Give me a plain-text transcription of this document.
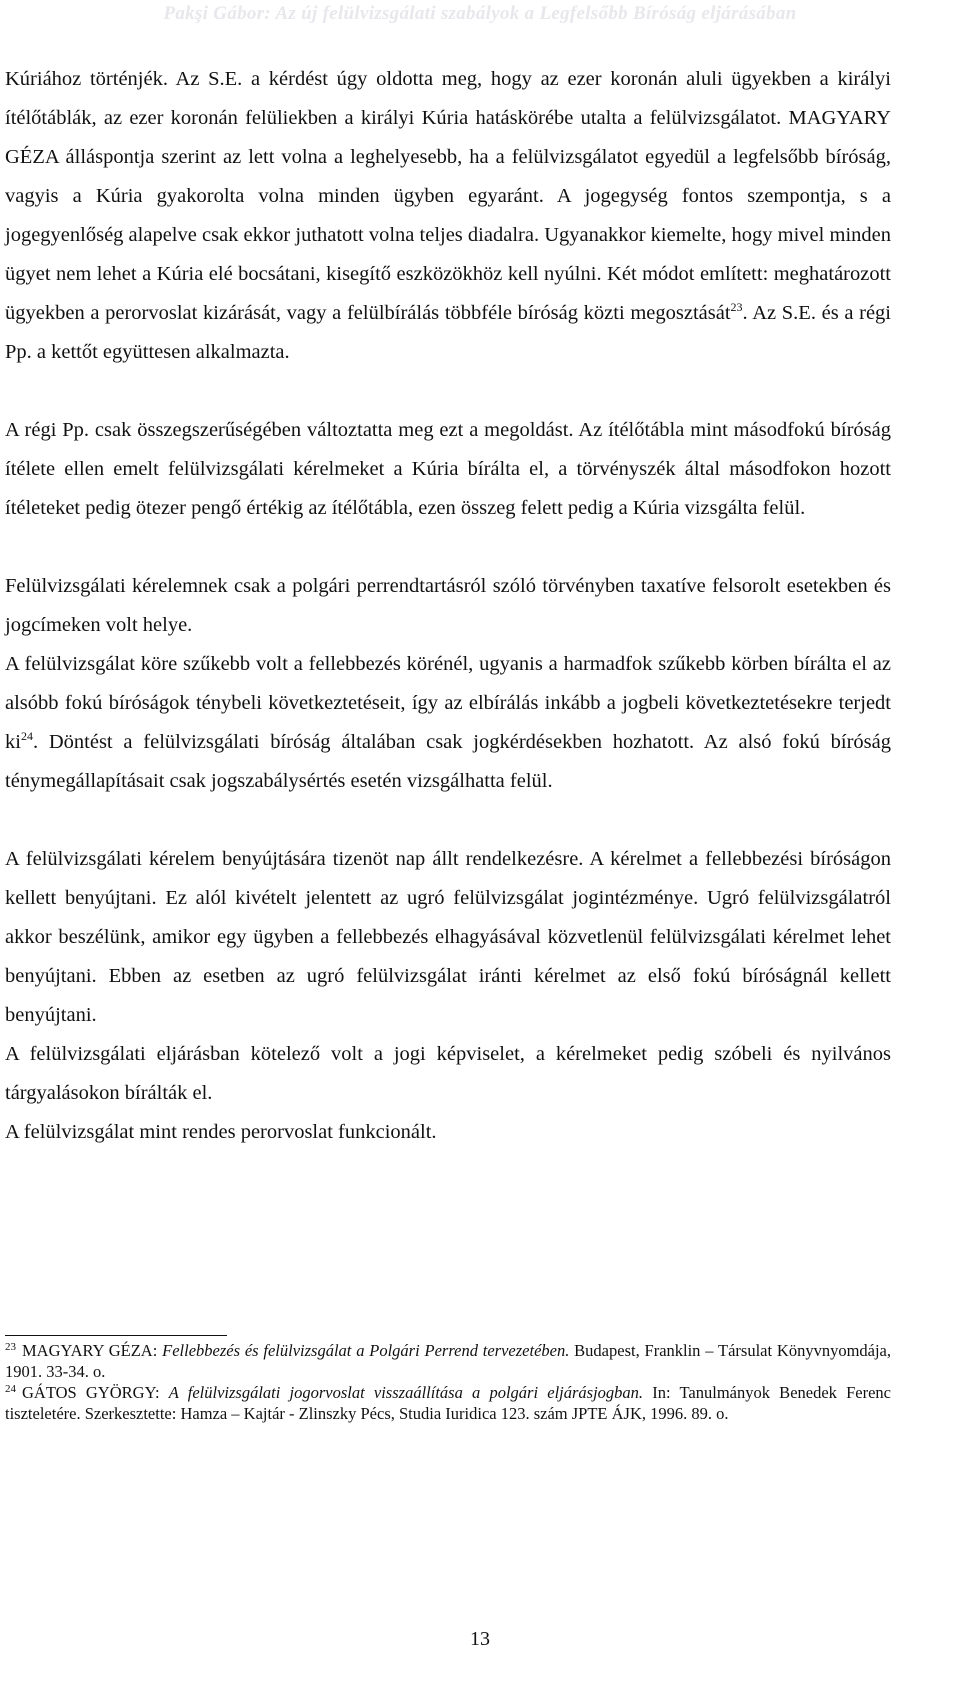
Pakşi Gábor: Az új felülvizsgálati szabályok a Legfelsőbb Bíróság eljárásában

Kúriához történjék. Az S.E. a kérdést úgy oldotta meg, hogy az ezer koronán aluli ügyekben a királyi ítélőtáblák, az ezer koronán felüliekben a királyi Kúria hatáskörébe utalta a felülvizsgálatot. MAGYARY GÉZA álláspontja szerint az lett volna a leghelyesebb, ha a felülvizsgálatot egyedül a legfelsőbb bíróság, vagyis a Kúria gyakorolta volna minden ügyben egyaránt. A jogegység fontos szempontja, s a jogegyenlőség alapelve csak ekkor juthatott volna teljes diadalra. Ugyanakkor kiemelte, hogy mivel minden ügyet nem lehet a Kúria elé bocsátani, kisegítő eszközökhöz kell nyúlni. Két módot említett: meghatározott ügyekben a perorvoslat kizárását, vagy a felülbírálás többféle bíróság közti megosztását$^{23}$. Az S.E. és a régi Pp. a kettőt együttesen alkalmazta.

A régi Pp. csak összegszerűségében változtatta meg ezt a megoldást. Az ítélőtábla mint másodfokú bíróság ítélete ellen emelt felülvizsgálati kérelmeket a Kúria bírálta el, a törvényszék által másodfokon hozott ítéleteket pedig ötezer pengő értékig az ítélőtábla, ezen összeg felett pedig a Kúria vizsgálta felül.

Felülvizsgálati kérelemnek csak a polgári perrendtartásról szóló törvényben taxatíve felsorolt esetekben és jogcímeken volt helye.

A felülvizsgálat köre szűkebb volt a fellebbezés körénél, ugyanis a harmadfok szűkebb körben bírálta el az alsóbb fokú bíróságok ténybeli következtetéseit, így az elbírálás inkább a jogbeli következtetésekre terjedt $ki^{24}$. Döntést a felülvizsgálati bíróság általában csak jogkérdésekben hozhatott. Az alsó fokú bíróság ténymegállapításait csak jogszabálysértés esetén vizsgálhatta felül.

A felülvizsgálati kérelem benyújtására tizenöt nap állt rendelkezésre. A kérelmet a fellebbezési bíróságon kellett benyújtani. Ez alól kivételt jelentett az ugró felülvizsgálat jogintézménye. Ugró felülvizsgálatról akkor beszélünk, amikor egy ügyben a fellebbezés elhagyásával közvetlenül felülvizsgálati kérelmet lehet benyújtani. Ebben az esetben az ugró felülvizsgálat iránti kérelmet az első fokú bíróságnál kellett benyújtani.

A felülvizsgálati eljárásban kötelező volt a jogi képviselet, a kérelmeket pedig szóbeli és nyilvános tárgyalásokon bírálták el.

A felülvizsgálat mint rendes perorvoslat funkcionált.

$^{23}$ MAGYARY GÉZA: Fellebbezés és felülvizsgálat a Polgári Perrend tervezetében. Budapest, Franklin – Társulat Könyvnyomdája, 1901. 33-34. o.

$^{24}$ GÁTOS GYÖRGY: A felülvizsgálati jogorvoslat visszaállítása a polgári eljárásjogban. In: Tanulmányok Benedek Ferenc tiszteletére. Szerkesztette: Hamza – Kajtár - Zlinszky Pécs, Studia Iuridica 123. szám JPTE ÁJK, 1996. 89. o.

13
